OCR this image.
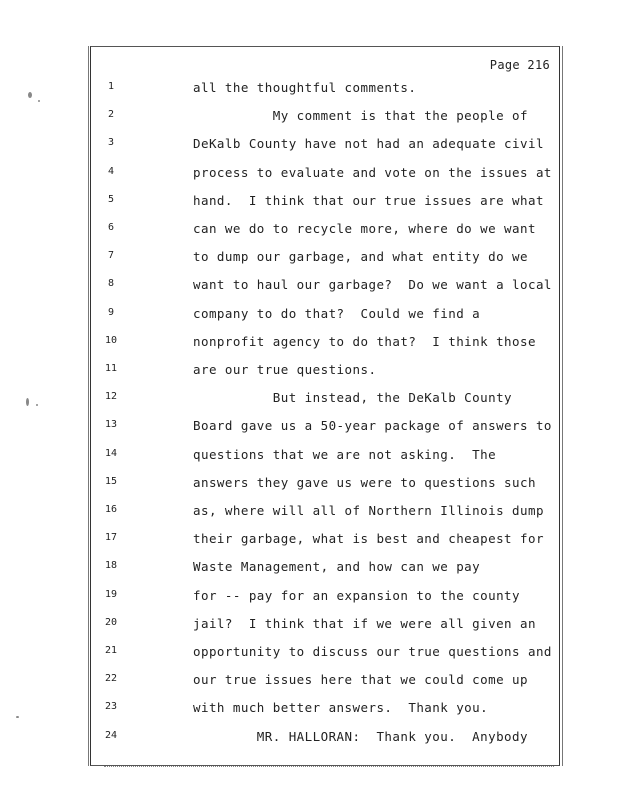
Page 216
1	all the thoughtful comments.
2	My comment is that the people of
3	DeKalb County have not had an adequate civil
4	process to evaluate and vote on the issues at
5	hand.  I think that our true issues are what
6	can we do to recycle more, where do we want
7	to dump our garbage, and what entity do we
8	want to haul our garbage?  Do we want a local
9	company to do that?  Could we find a
10	nonprofit agency to do that?  I think those
11	are our true questions.
12	But instead, the DeKalb County
13	Board gave us a 50-year package of answers to
14	questions that we are not asking.  The
15	answers they gave us were to questions such
16	as, where will all of Northern Illinois dump
17	their garbage, what is best and cheapest for
18	Waste Management, and how can we pay
19	for -- pay for an expansion to the county
20	jail?  I think that if we were all given an
21	opportunity to discuss our true questions and
22	our true issues here that we could come up
23	with much better answers.  Thank you.
24	MR. HALLORAN:  Thank you.  Anybody
